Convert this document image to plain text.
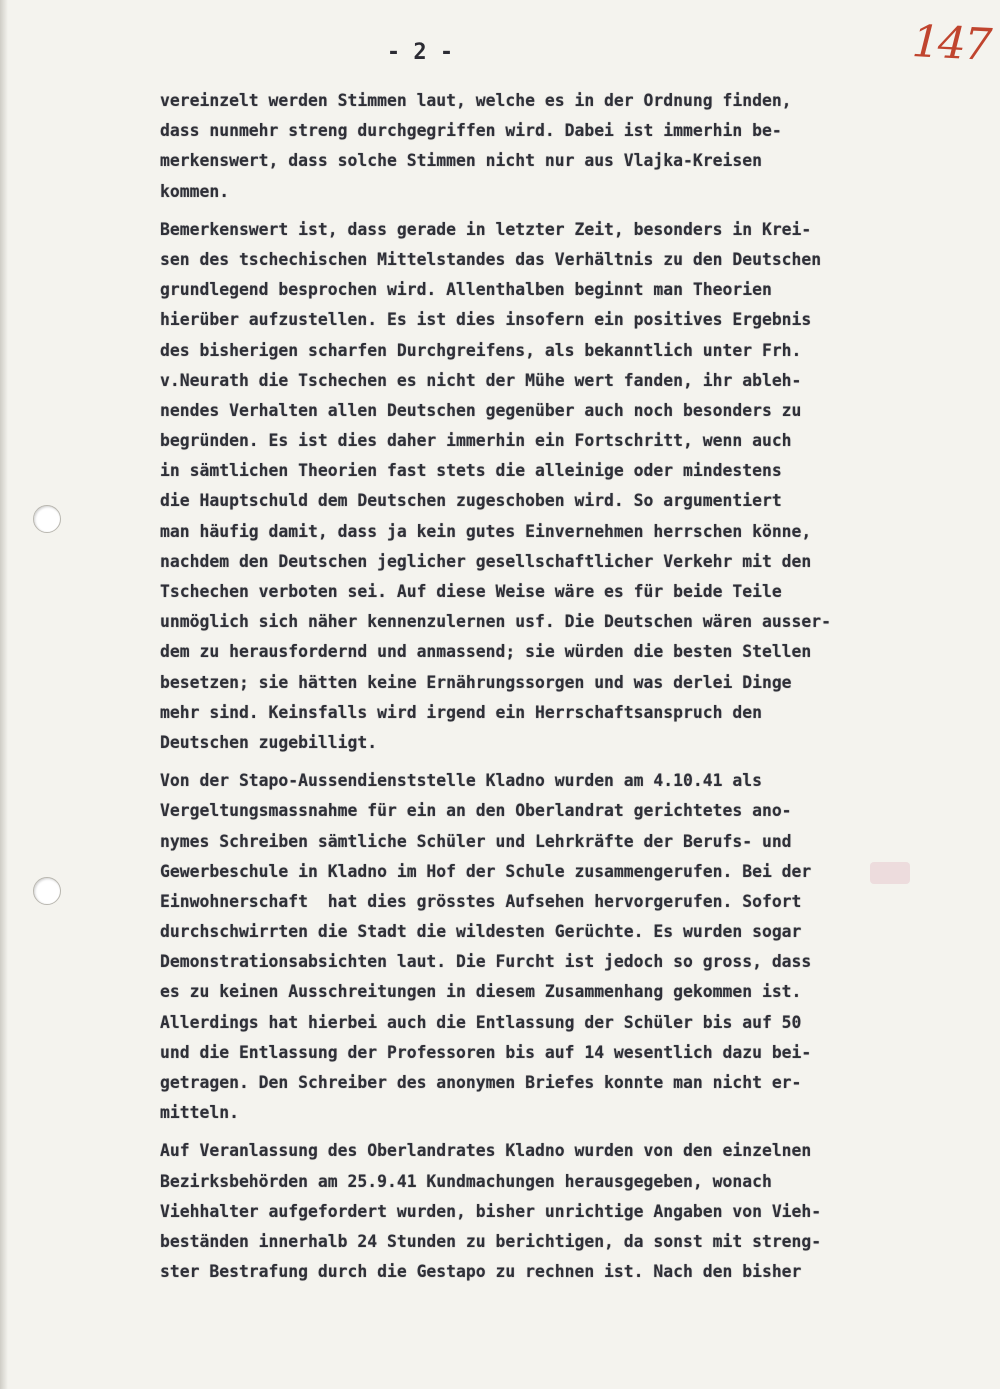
- 2 -	147
vereinzelt werden Stimmen laut, welche es in der Ordnung finden,
dass nunmehr streng durchgegriffen wird. Dabei ist immerhin be-
merkenswert, dass solche Stimmen nicht nur aus Vlajka-Kreisen
kommen.
Bemerkenswert ist, dass gerade in letzter Zeit, besonders in Krei-
sen des tschechischen Mittelstandes das Verhältnis zu den Deutschen
grundlegend besprochen wird. Allenthalben beginnt man Theorien
hierüber aufzustellen. Es ist dies insofern ein positives Ergebnis
des bisherigen scharfen Durchgreifens, als bekanntlich unter Frh.
v.Neurath die Tschechen es nicht der Mühe wert fanden, ihr ableh-
nendes Verhalten allen Deutschen gegenüber auch noch besonders zu
begründen. Es ist dies daher immerhin ein Fortschritt, wenn auch
in sämtlichen Theorien fast stets die alleinige oder mindestens
die Hauptschuld dem Deutschen zugeschoben wird. So argumentiert
man häufig damit, dass ja kein gutes Einvernehmen herrschen könne,
nachdem den Deutschen jeglicher gesellschaftlicher Verkehr mit den
Tschechen verboten sei. Auf diese Weise wäre es für beide Teile
unmöglich sich näher kennenzulernen usf. Die Deutschen wären ausser-
dem zu herausfordernd und anmassend; sie würden die besten Stellen
besetzen; sie hätten keine Ernährungssorgen und was derlei Dinge
mehr sind. Keinsfalls wird irgend ein Herrschaftsanspruch den
Deutschen zugebilligt.
Von der Stapo-Aussendienststelle Kladno wurden am 4.10.41 als
Vergeltungsmassnahme für ein an den Oberlandrat gerichtetes ano-
nymes Schreiben sämtliche Schüler und Lehrkräfte der Berufs- und
Gewerbeschule in Kladno im Hof der Schule zusammengerufen. Bei der
Einwohnerschaft  hat dies grösstes Aufsehen hervorgerufen. Sofort
durchschwirrten die Stadt die wildesten Gerüchte. Es wurden sogar
Demonstrationsabsichten laut. Die Furcht ist jedoch so gross, dass
es zu keinen Ausschreitungen in diesem Zusammenhang gekommen ist.
Allerdings hat hierbei auch die Entlassung der Schüler bis auf 50
und die Entlassung der Professoren bis auf 14 wesentlich dazu bei-
getragen. Den Schreiber des anonymen Briefes konnte man nicht er-
mitteln.
Auf Veranlassung des Oberlandrates Kladno wurden von den einzelnen
Bezirksbehörden am 25.9.41 Kundmachungen herausgegeben, wonach
Viehhalter aufgefordert wurden, bisher unrichtige Angaben von Vieh-
beständen innerhalb 24 Stunden zu berichtigen, da sonst mit streng-
ster Bestrafung durch die Gestapo zu rechnen ist. Nach den bisher
